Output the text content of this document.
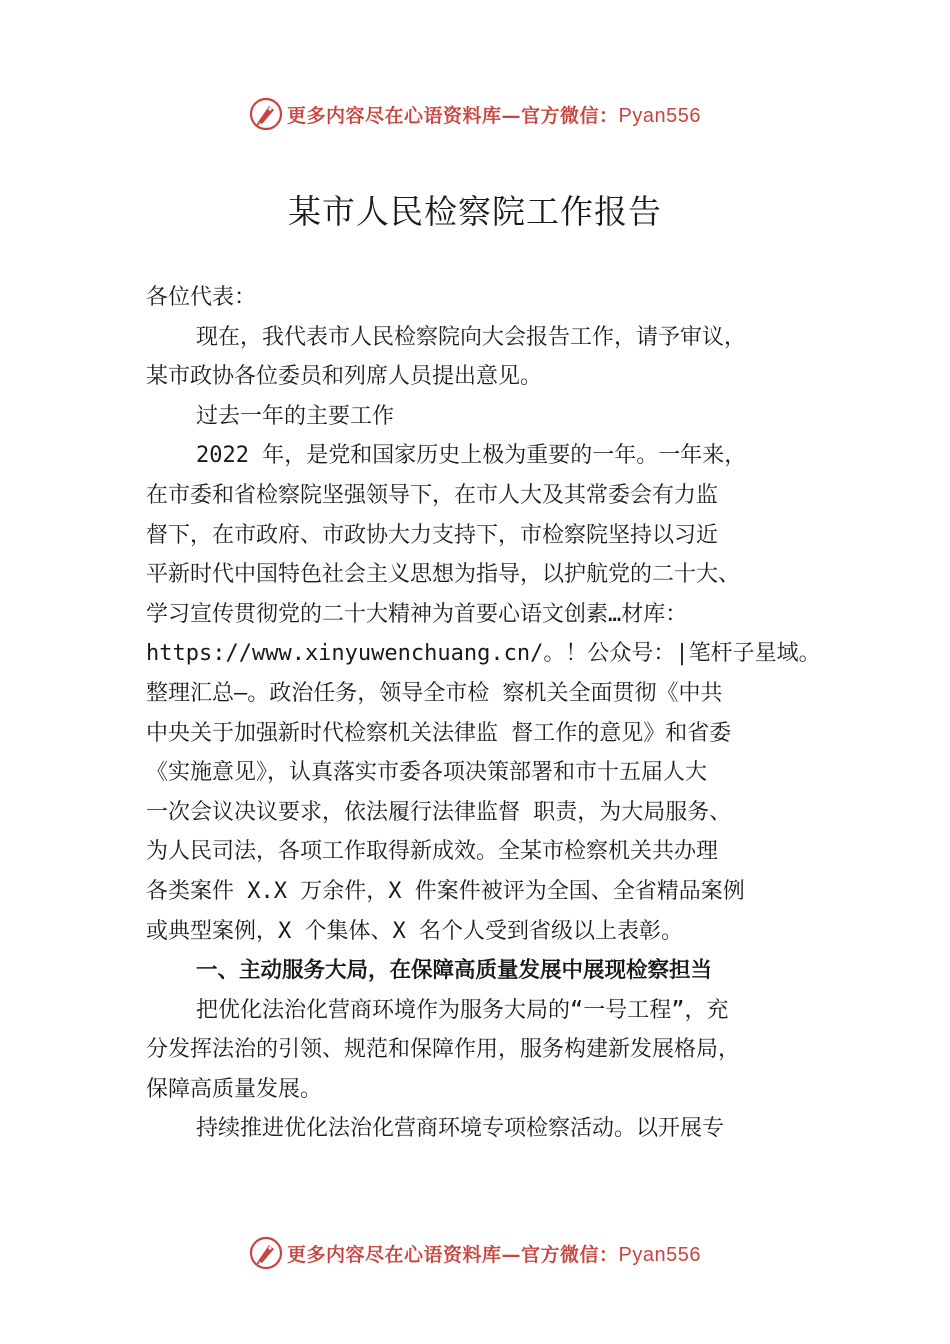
更多内容尽在心语资料库—官方微信：Pyan556
某市人民检察院工作报告
各位代表：
现在，我代表市人民检察院向大会报告工作，请予审议，
某市政协各位委员和列席人员提出意见。
过去一年的主要工作
2022 年，是党和国家历史上极为重要的一年。一年来，
在市委和省检察院坚强领导下，在市人大及其常委会有力监
督下，在市政府、市政协大力支持下，市检察院坚持以习近
平新时代中国特色社会主义思想为指导，以护航党的二十大、
学习宣传贯彻党的二十大精神为首要心语文创素…材库：
https://www.xinyuwenchuang.cn/。！公众号：|笔杆子星域。
整理汇总—。政治任务，领导全市检 察机关全面贯彻《中共
中央关于加强新时代检察机关法律监 督工作的意见》和省委
《实施意见》，认真落实市委各项决策部署和市十五届人大
一次会议决议要求，依法履行法律监督 职责，为大局服务、
为人民司法，各项工作取得新成效。全某市检察机关共办理
各类案件 X.X 万余件，X 件案件被评为全国、全省精品案例
或典型案例，X 个集体、X 名个人受到省级以上表彰。
一、主动服务大局，在保障高质量发展中展现检察担当
把优化法治化营商环境作为服务大局的“一号工程”，充
分发挥法治的引领、规范和保障作用，服务构建新发展格局，
保障高质量发展。
持续推进优化法治化营商环境专项检察活动。以开展专
更多内容尽在心语资料库—官方微信：Pyan556
